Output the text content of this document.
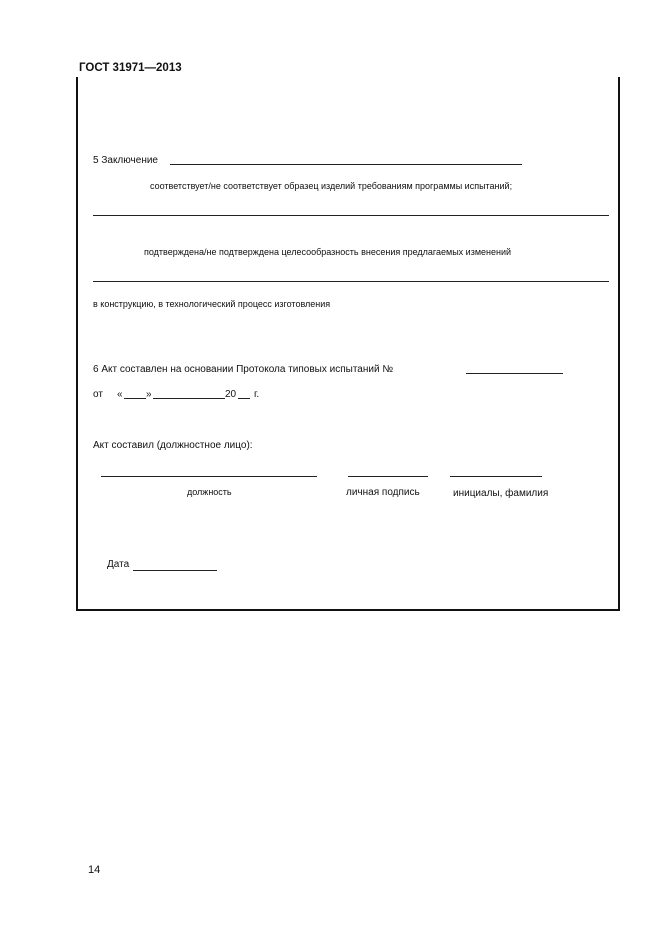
ГОСТ 31971—2013
5 Заключение
соответствует/не соответствует образец изделий требованиям программы испытаний;
подтверждена/не подтверждена целесообразность внесения предлагаемых изменений
в конструкцию, в технологический процесс изготовления
6 Акт составлен на основании Протокола типовых испытаний №
от « »	20 г.
Акт составил (должностное лицо):
должность	личная подпись	инициалы, фамилия
Дата
14
